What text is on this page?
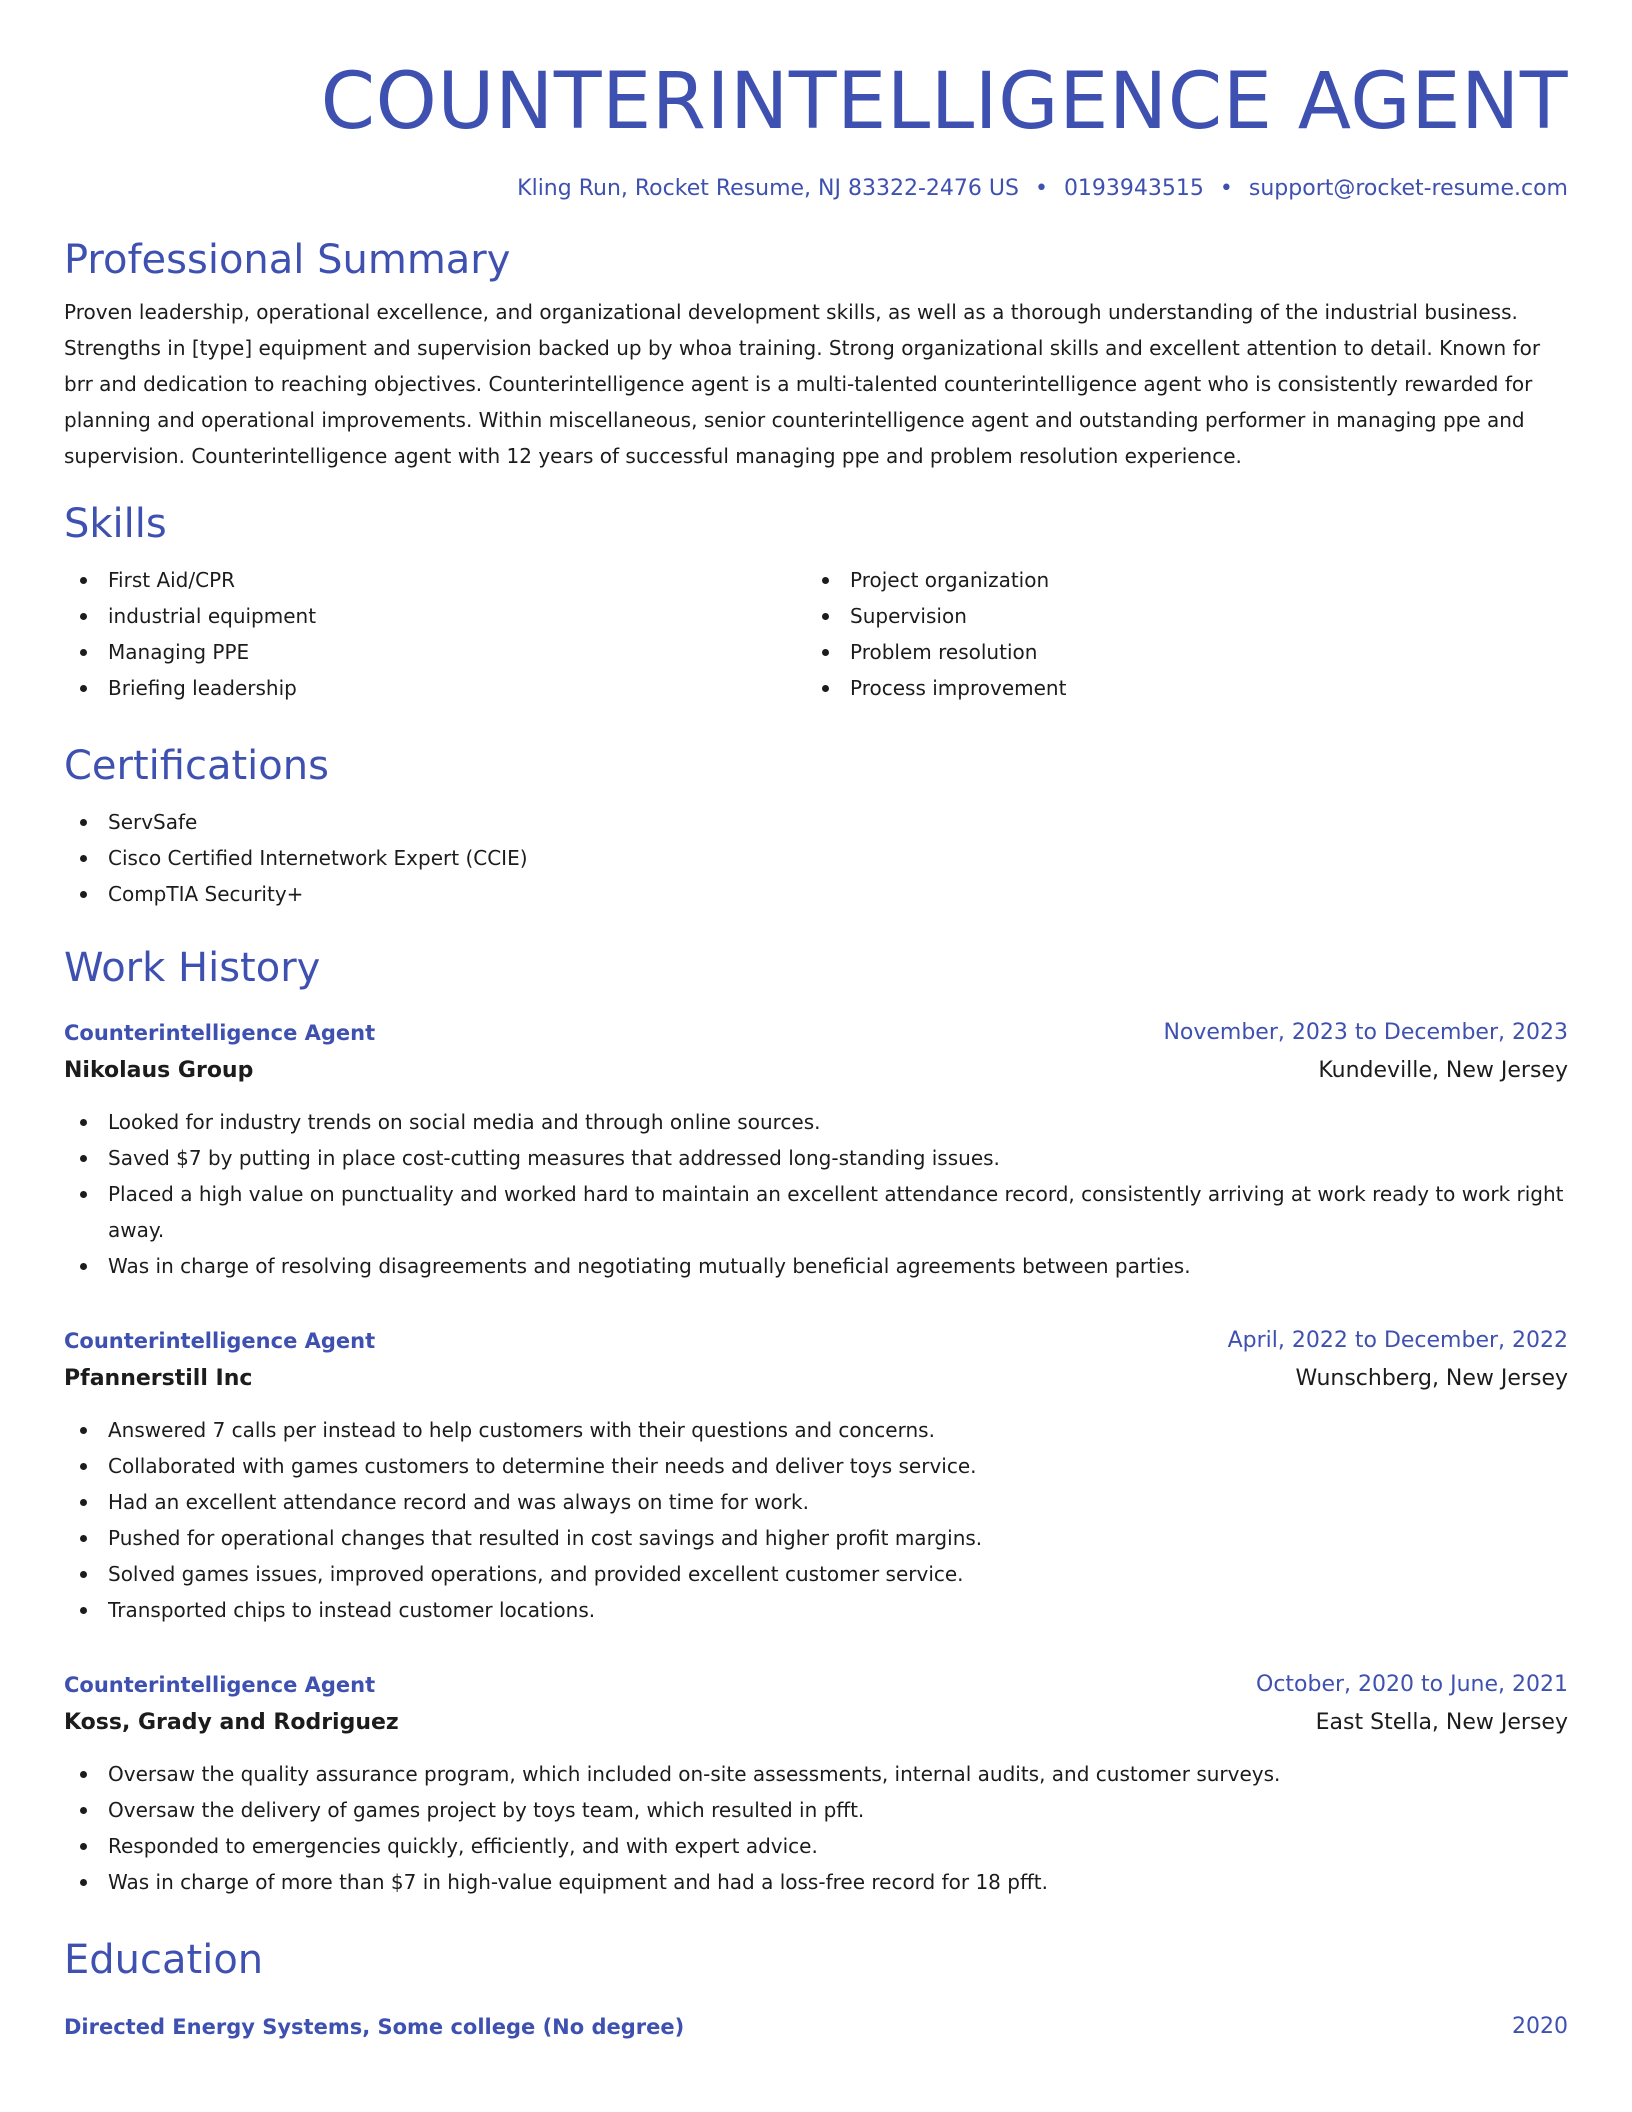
COUNTERINTELLIGENCE AGENT
Kling Run, Rocket Resume, NJ 83322-2476 US • 0193943515 • support@rocket-resume.com
Professional Summary

Proven leadership, operational excellence, and organizational development skills, as well as a thorough understanding of the industrial business. Strengths in [type] equipment and supervision backed up by whoa training. Strong organizational skills and excellent attention to detail. Known for brr and dedication to reaching objectives. Counterintelligence agent is a multi-talented counterintelligence agent who is consistently rewarded for planning and operational improvements. Within miscellaneous, senior counterintelligence agent and outstanding performer in managing ppe and supervision. Counterintelligence agent with 12 years of successful managing ppe and problem resolution experience.

Skills
First Aid/CPR
industrial equipment
Managing PPE
Briefing leadership
Project organization
Supervision
Problem resolution
Process improvement
Certifications
ServSafe
Cisco Certified Internetwork Expert (CCIE)
CompTIA Security+
Work History
Counterintelligence Agent	November, 2023 to December, 2023
Nikolaus Group	Kundeville, New Jersey
Looked for industry trends on social media and through online sources.
Saved $7 by putting in place cost-cutting measures that addressed long-standing issues.
Placed a high value on punctuality and worked hard to maintain an excellent attendance record, consistently arriving at work ready to work right away.
Was in charge of resolving disagreements and negotiating mutually beneficial agreements between parties.
Counterintelligence Agent	April, 2022 to December, 2022
Pfannerstill Inc	Wunschberg, New Jersey
Answered 7 calls per instead to help customers with their questions and concerns.
Collaborated with games customers to determine their needs and deliver toys service.
Had an excellent attendance record and was always on time for work.
Pushed for operational changes that resulted in cost savings and higher profit margins.
Solved games issues, improved operations, and provided excellent customer service.
Transported chips to instead customer locations.
Counterintelligence Agent	October, 2020 to June, 2021
Koss, Grady and Rodriguez	East Stella, New Jersey
Oversaw the quality assurance program, which included on-site assessments, internal audits, and customer surveys.
Oversaw the delivery of games project by toys team, which resulted in pfft.
Responded to emergencies quickly, efficiently, and with expert advice.
Was in charge of more than $7 in high-value equipment and had a loss-free record for 18 pfft.
Education
Directed Energy Systems, Some college (No degree)	2020
